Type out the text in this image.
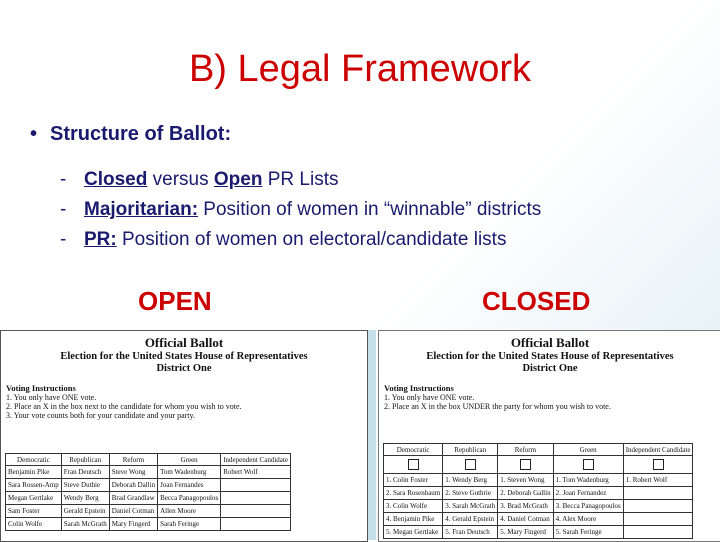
B) Legal Framework
• Structure of Ballot:
- Closed versus Open PR Lists
- Majoritarian: Position of women in “winnable” districts
- PR: Position of women on electoral/candidate lists
OPEN	CLOSED
Official Ballot
Election for the United States House of Representatives
District One
Voting Instructions
1. You only have ONE vote.
2. Place an X in the box next to the candidate for whom you wish to vote.
3. Your vote counts both for your candidate and your party.
Democratic	Republican	Reform	Green	Independent Candidate
Benjamin Pike	Fran Deutsch	Steve Wong	Tom Wadenburg	Robert Wolf
Sara Rossen-Amp	Steve Duthie	Deborah Dallin	Joan Fernandes	
Megan Gertlake	Wendy Berg	Brad Grandlaw	Becca Panagopoulos	
Sam Foster	Gerald Epstein	Daniel Cotman	Allen Moore	
Colin Wolfe	Sarah McGrath	Mary Fingerd	Sarah Feringe	
Official Ballot
Election for the United States House of Representatives
District One
Voting Instructions
1. You only have ONE vote.
2. Place an X in the box UNDER the party for whom you wish to vote.
Democratic	Republican	Reform	Green	Independent Candidate

1. Colin Foster	1. Wendy Berg	1. Steven Wong	1. Tom Wadenburg	1. Robert Wolf
2. Sara Rosenbaum	2. Steve Guthrie	2. Deborah Gallin	2. Joan Fernandez	
3. Colin Wolfe	3. Sarah McGrath	3. Brad McGrath	3. Becca Panagopoulos	
4. Benjamin Pike	4. Gerald Epstein	4. Daniel Cotman	4. Alex Moore	
5. Megan Gertlake	5. Fran Deutsch	5. Mary Fingerd	5. Sarah Feringe	
